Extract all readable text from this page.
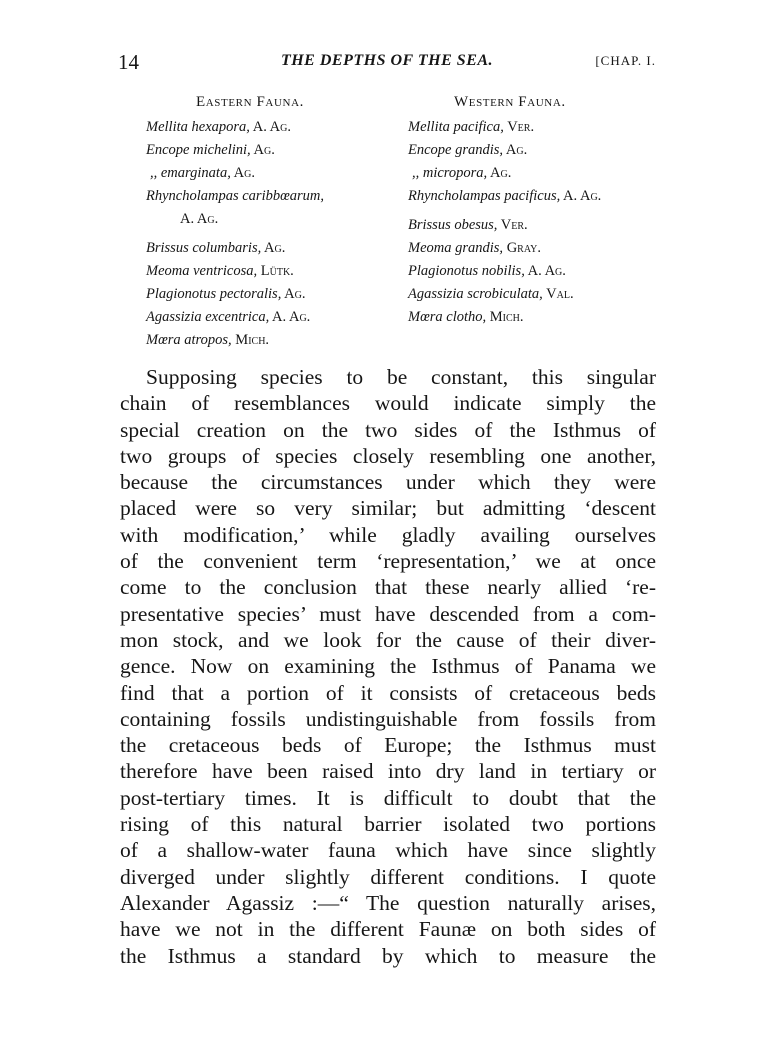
14	THE DEPTHS OF THE SEA.	[CHAP. I.
Eastern Fauna.
Mellita hexapora, A. Ag.
Encope michelini, Ag.
,, emarginata, Ag.
Rhyncholampas caribbœarum,
A. Ag.
Brissus columbaris, Ag.
Meoma ventricosa, Lütk.
Plagionotus pectoralis, Ag.
Agassizia excentrica, A. Ag.
Mœra atropos, Mich.
Western Fauna.
Mellita pacifica, Ver.
Encope grandis, Ag.
,, micropora, Ag.
Rhyncholampas pacificus, A. Ag.
Brissus obesus, Ver.
Meoma grandis, Gray.
Plagionotus nobilis, A. Ag.
Agassizia scrobiculata, Val.
Mœra clotho, Mich.
Supposing species to be constant, this singular
chain of resemblances would indicate simply the
special creation on the two sides of the Isthmus of
two groups of species closely resembling one another,
because the circumstances under which they were
placed were so very similar; but admitting ‘descent
with modification,’ while gladly availing ourselves
of the convenient term ‘representation,’ we at once
come to the conclusion that these nearly allied ‘re-
presentative species’ must have descended from a com-
mon stock, and we look for the cause of their diver-
gence. Now on examining the Isthmus of Panama we
find that a portion of it consists of cretaceous beds
containing fossils undistinguishable from fossils from
the cretaceous beds of Europe; the Isthmus must
therefore have been raised into dry land in tertiary or
post-tertiary times. It is difficult to doubt that the
rising of this natural barrier isolated two portions
of a shallow-water fauna which have since slightly
diverged under slightly different conditions. I quote
Alexander Agassiz :—“ The question naturally arises,
have we not in the different Faunæ on both sides of
the Isthmus a standard by which to measure the
